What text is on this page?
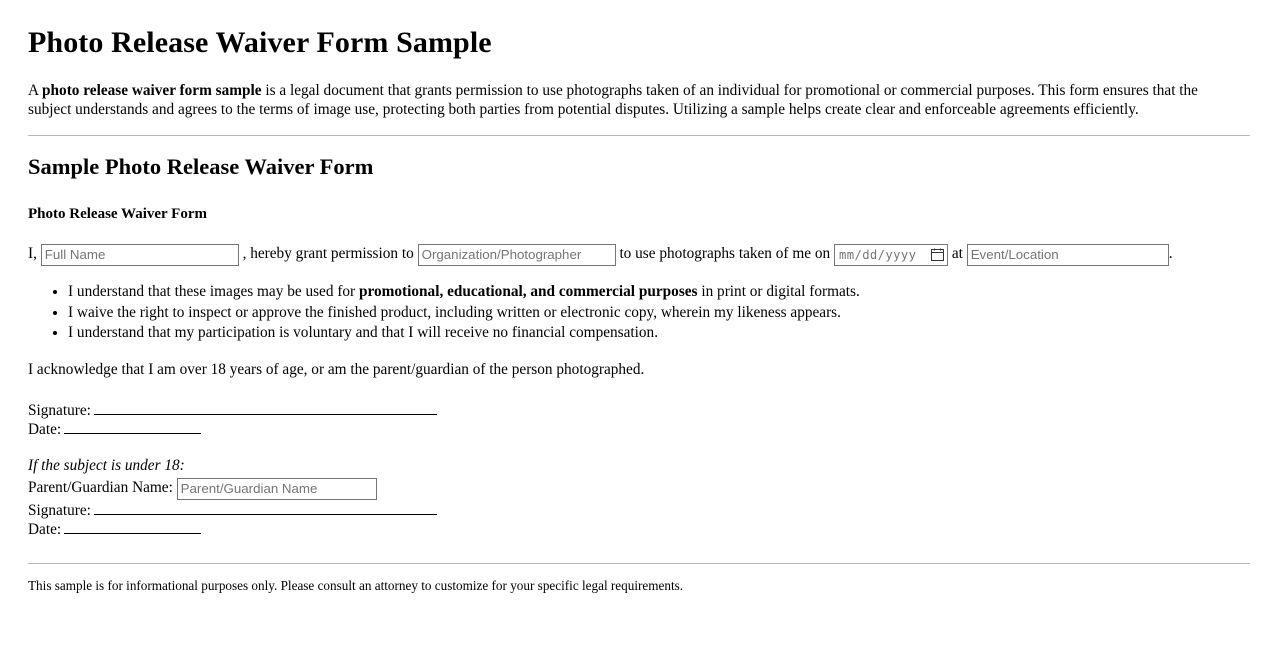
Photo Release Waiver Form Sample

A photo release waiver form sample is a legal document that grants permission to use photographs taken of an individual for promotional or commercial purposes. This form ensures that the subject understands and agrees to the terms of image use, protecting both parties from potential disputes. Utilizing a sample helps create clear and enforceable agreements efficiently.

Sample Photo Release Waiver Form
Photo Release Waiver Form

I, Full Name	, hereby grant permission to Organization/Photographer	to use photographs taken of me on mm/dd/yyyy at Event/Location	.

• I understand that these images may be used for promotional, educational, and commercial purposes in print or digital formats.
• I waive the right to inspect or approve the finished product, including written or electronic copy, wherein my likeness appears.
• I understand that my participation is voluntary and that I will receive no financial compensation.

I acknowledge that I am over 18 years of age, or am the parent/guardian of the person photographed.

Signature:
Date:
If the subject is under 18:
Parent/Guardian Name: Parent/Guardian Name
Signature:
Date:

This sample is for informational purposes only. Please consult an attorney to customize for your specific legal requirements.
